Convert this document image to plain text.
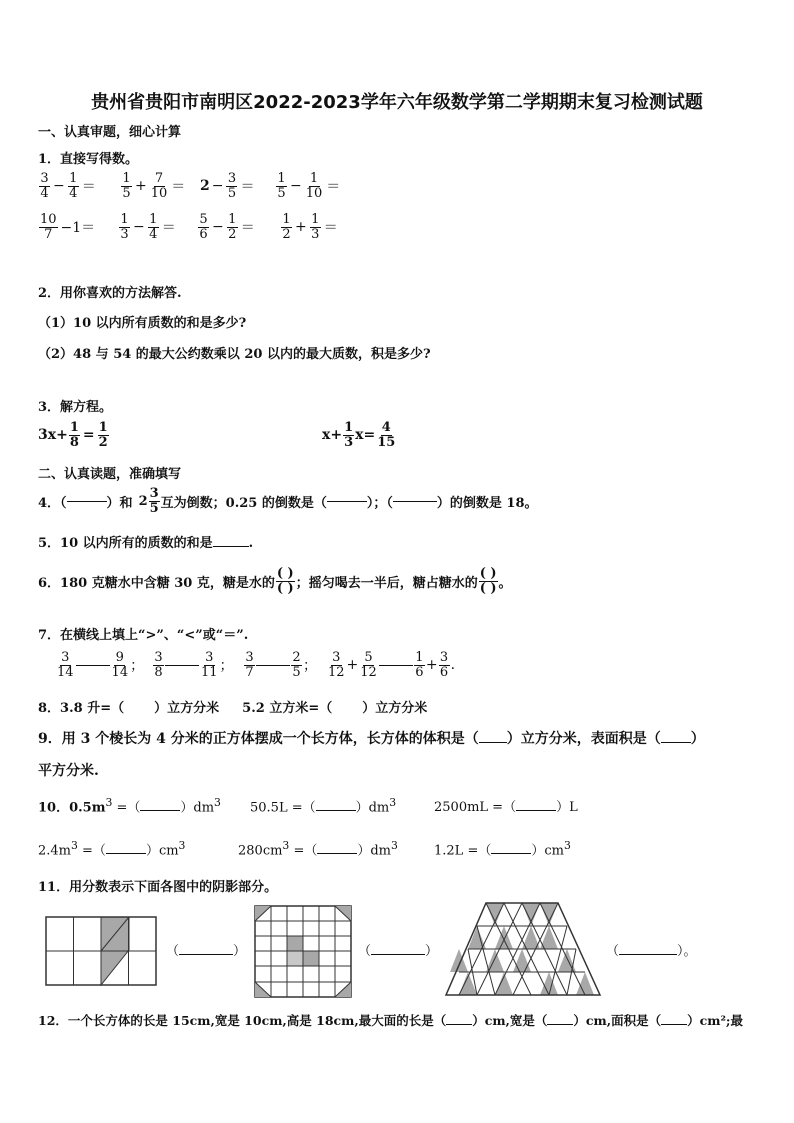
贵州省贵阳市南明区2022-2023学年六年级数学第二学期期末复习检测试题
一、认真审题，细心计算
1．直接写得数。
$\frac{3}{4} - \frac{1}{4} = \frac{1}{5} + \frac{7}{10} = 2 - \frac{3}{5} = \frac{1}{5} - \frac{1}{10}$ ＝
$\frac{10}{7} -1= \frac{1}{3} - \frac{1}{4} = \frac{5}{6} - \frac{1}{2} = \frac{1}{2} + \frac{1}{3}$ ＝
2．用你喜欢的方法解答.
（1）10 以内所有质数的和是多少?
（2）48 与 54 的最大公约数乘以 20 以内的最大质数，积是多少?
3．解方程。
$3x+ \frac{1}{8} = \frac{1}{2}$	$x+ \frac{1}{3} x= \frac{4}{15}$
二、认真读题，准确填写
4．（	）和 $2 \frac{3}{5}$ 互为倒数；0.25 的倒数是（	）；（	）的倒数是 18。
5．10 以内所有的质数的和是	.
6．180 克糖水中含糖 30 克，糖是水的 $\frac{( )}{( )}$ ；摇匀喝去一半后，糖占糖水的 $\frac{( )}{( )}$ 。
7．在横线上填上“>”、“<”或“＝”.
$\frac{3}{14}$	$\frac{9}{14}$ ； $\frac{3}{8}$	$\frac{3}{11}$ ； $\frac{3}{7}$	$\frac{2}{5}$ ； $\frac{3}{12} + \frac{5}{12}$	$\frac{1}{6} + \frac{3}{6}$ .
8．3.8 升=（ ）立方分米 5.2 立方米=（ ）立方分米
9．用 3 个棱长为 4 分米的正方体摆成一个长方体，长方体的体积是（ ）立方分米，表面积是（ ）
平方分米.
10．$0.5m^3$ =（	）$dm^3$ 50.5L =（	）$dm^3$	2500mL =（	）L
$2.4m^3$ =（	）$cm^3$	$280cm^3$ =（	）$dm^3$	1.2L =（	）$cm^3$
11．用分数表示下面各图中的阴影部分。
（	）	（	）	（	）。
12．一个长方体的长是 15cm,宽是 10cm,高是 18cm,最大面的长是（ ）cm,宽是（ ）cm,面积是（ ）cm²;最
